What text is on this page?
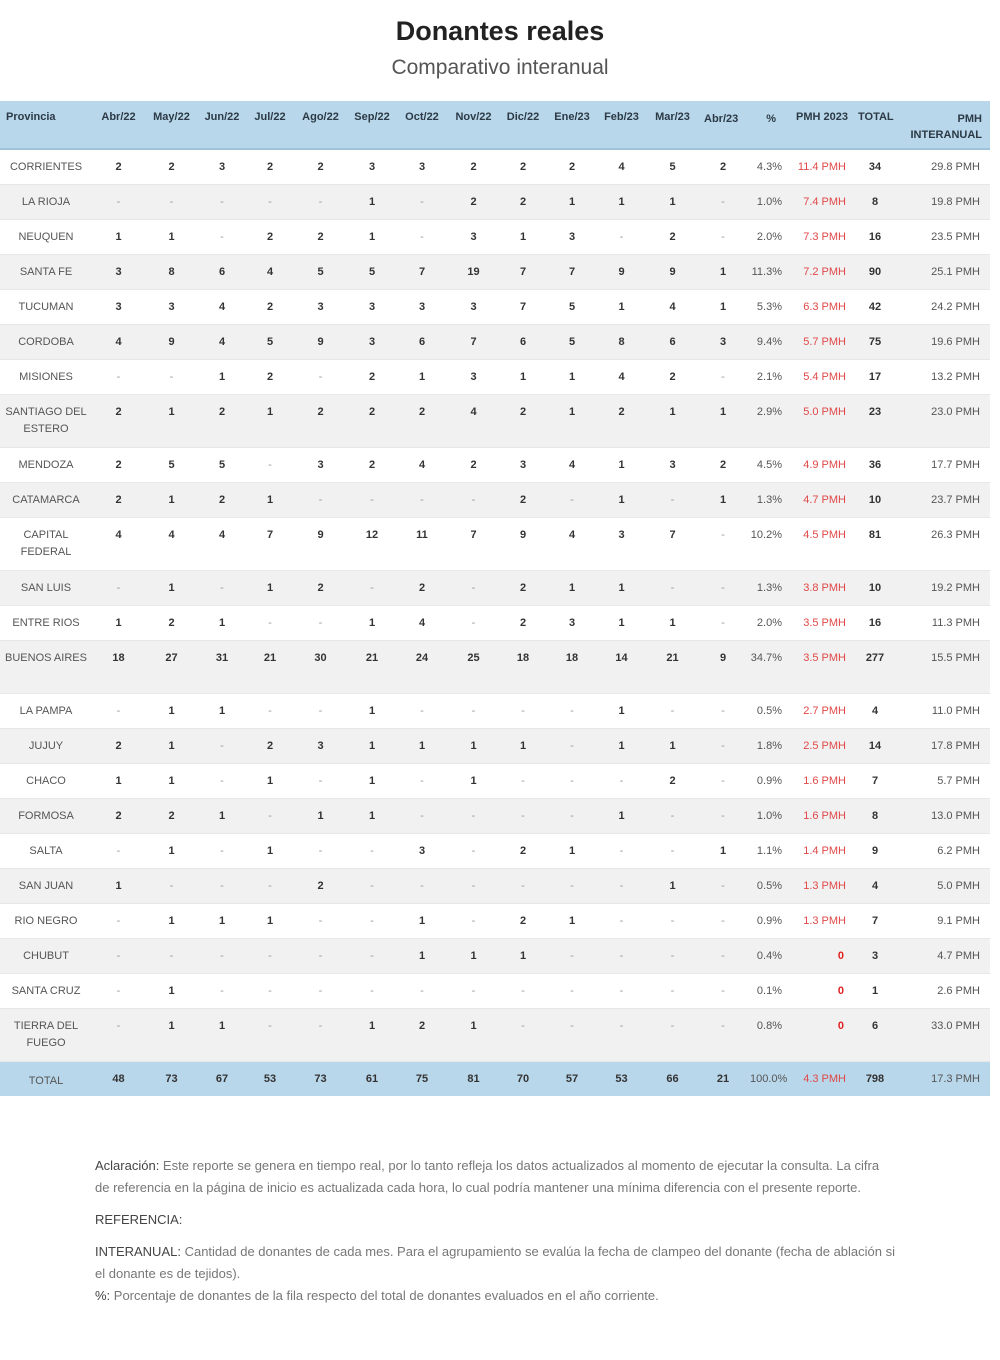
Donantes reales
Comparativo interanual
Provincia	Abr/22	May/22	Jun/22	Jul/22	Ago/22	Sep/22	Oct/22	Nov/22	Dic/22	Ene/23	Feb/23	Mar/23	Abr/23	%	PMH 2023	TOTAL	PMH INTERANUAL
CORRIENTES	2	2	3	2	2	3	3	2	2	2	4	5	2	4.3%	11.4 PMH	34	29.8 PMH
LA RIOJA	-	-	-	-	-	1	-	2	2	1	1	1	-	1.0%	7.4 PMH	8	19.8 PMH
NEUQUEN	1	1	-	2	2	1	-	3	1	3	-	2	-	2.0%	7.3 PMH	16	23.5 PMH
SANTA FE	3	8	6	4	5	5	7	19	7	7	9	9	1	11.3%	7.2 PMH	90	25.1 PMH
TUCUMAN	3	3	4	2	3	3	3	3	7	5	1	4	1	5.3%	6.3 PMH	42	24.2 PMH
CORDOBA	4	9	4	5	9	3	6	7	6	5	8	6	3	9.4%	5.7 PMH	75	19.6 PMH
MISIONES	-	-	1	2	-	2	1	3	1	1	4	2	-	2.1%	5.4 PMH	17	13.2 PMH
SANTIAGO DEL ESTERO	2	1	2	1	2	2	2	4	2	1	2	1	1	2.9%	5.0 PMH	23	23.0 PMH
MENDOZA	2	5	5	-	3	2	4	2	3	4	1	3	2	4.5%	4.9 PMH	36	17.7 PMH
CATAMARCA	2	1	2	1	-	-	-	-	2	-	1	-	1	1.3%	4.7 PMH	10	23.7 PMH
CAPITAL FEDERAL	4	4	4	7	9	12	11	7	9	4	3	7	-	10.2%	4.5 PMH	81	26.3 PMH
SAN LUIS	-	1	-	1	2	-	2	-	2	1	1	-	-	1.3%	3.8 PMH	10	19.2 PMH
ENTRE RIOS	1	2	1	-	-	1	4	-	2	3	1	1	-	2.0%	3.5 PMH	16	11.3 PMH
BUENOS AIRES	18	27	31	21	30	21	24	25	18	18	14	21	9	34.7%	3.5 PMH	277	15.5 PMH
LA PAMPA	-	1	1	-	-	1	-	-	-	-	1	-	-	0.5%	2.7 PMH	4	11.0 PMH
JUJUY	2	1	-	2	3	1	1	1	1	-	1	1	-	1.8%	2.5 PMH	14	17.8 PMH
CHACO	1	1	-	1	-	1	-	1	-	-	-	2	-	0.9%	1.6 PMH	7	5.7 PMH
FORMOSA	2	2	1	-	1	1	-	-	-	-	1	-	-	1.0%	1.6 PMH	8	13.0 PMH
SALTA	-	1	-	1	-	-	3	-	2	1	-	-	1	1.1%	1.4 PMH	9	6.2 PMH
SAN JUAN	1	-	-	-	2	-	-	-	-	-	-	1	-	0.5%	1.3 PMH	4	5.0 PMH
RIO NEGRO	-	1	1	1	-	-	1	-	2	1	-	-	-	0.9%	1.3 PMH	7	9.1 PMH
CHUBUT	-	-	-	-	-	-	1	1	1	-	-	-	-	0.4%	0	3	4.7 PMH
SANTA CRUZ	-	1	-	-	-	-	-	-	-	-	-	-	-	0.1%	0	1	2.6 PMH
TIERRA DEL FUEGO	-	1	1	-	-	1	2	1	-	-	-	-	-	0.8%	0	6	33.0 PMH
TOTAL	48	73	67	53	73	61	75	81	70	57	53	66	21	100.0%	4.3 PMH	798	17.3 PMH

Aclaración: Este reporte se genera en tiempo real, por lo tanto refleja los datos actualizados al momento de ejecutar la consulta. La cifra de referencia en la página de inicio es actualizada cada hora, lo cual podría mantener una mínima diferencia con el presente reporte.

REFERENCIA:

INTERANUAL: Cantidad de donantes de cada mes. Para el agrupamiento se evalúa la fecha de clampeo del donante (fecha de ablación si el donante es de tejidos).

%: Porcentaje de donantes de la fila respecto del total de donantes evaluados en el año corriente.
